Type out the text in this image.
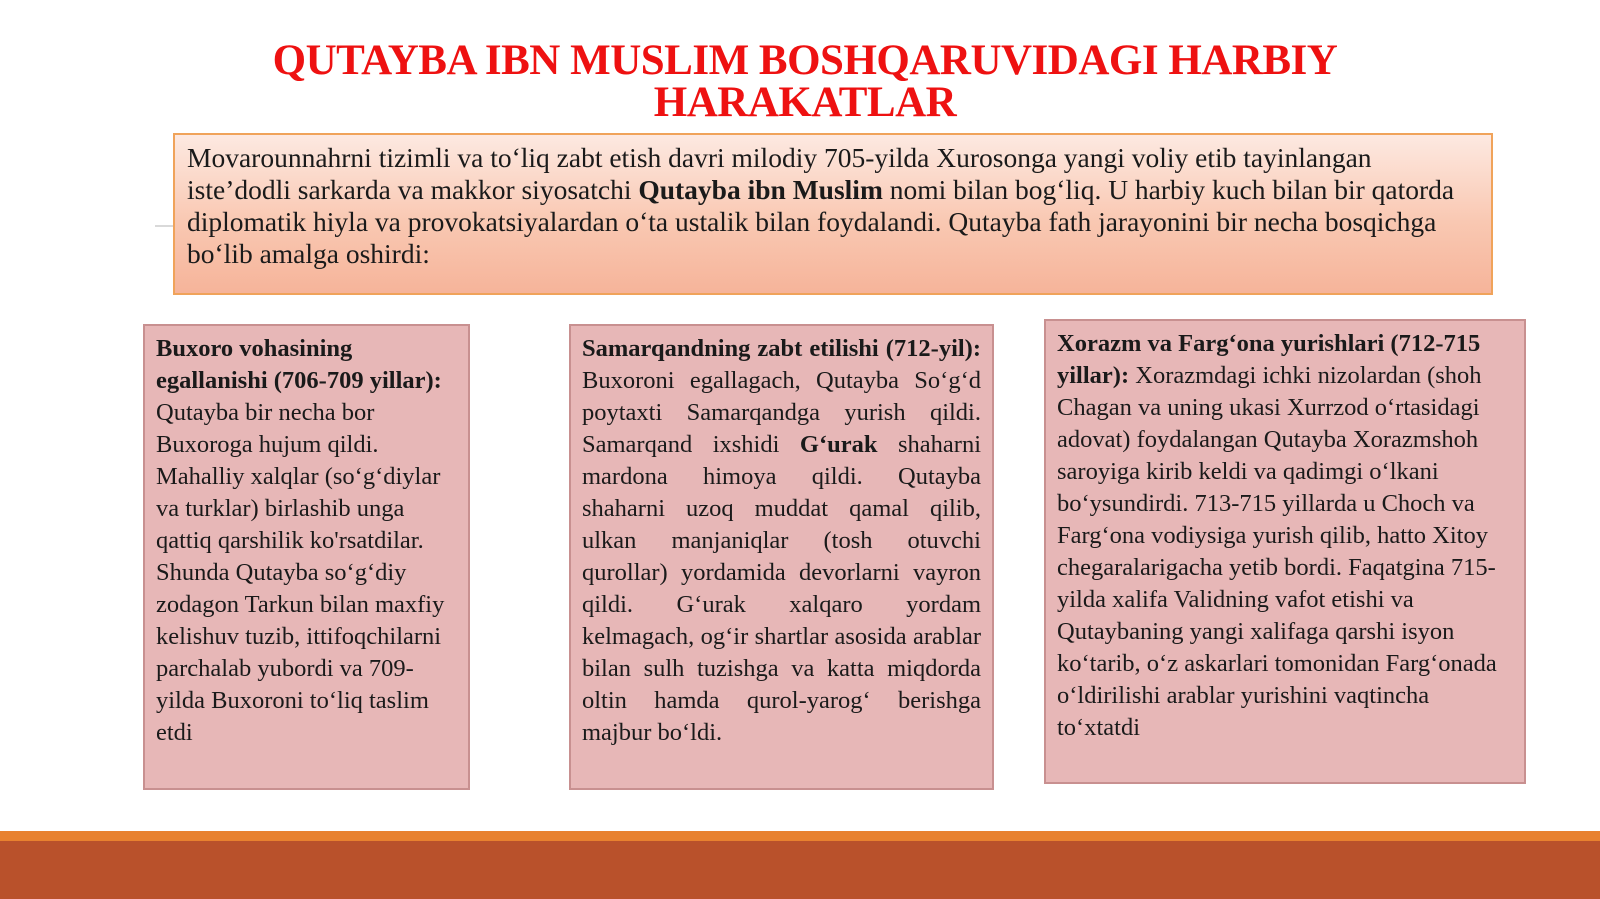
QUTAYBA IBN MUSLIM BOSHQARUVIDAGI HARBIY
HARAKATLAR
Movarounnahrni tizimli va to‘liq zabt etish davri milodiy 705-yilda Xurosonga yangi voliy etib tayinlangan iste’dodli sarkarda va makkor siyosatchi Qutayba ibn Muslim nomi bilan bog‘liq. U harbiy kuch bilan bir qatorda diplomatik hiyla va provokatsiyalardan o‘ta ustalik bilan foydalandi. Qutayba fath jarayonini bir necha bosqichga bo‘lib amalga oshirdi:
Buxoro vohasining egallanishi (706-709 yillar): Qutayba bir necha bor Buxoroga hujum qildi. Mahalliy xalqlar (so‘g‘diylar va turklar) birlashib unga qattiq qarshilik ko'rsatdilar. Shunda Qutayba so‘g‘diy zodagon Tarkun bilan maxfiy kelishuv tuzib, ittifoqchilarni parchalab yubordi va 709-yilda Buxoroni to‘liq taslim etdi
Samarqandning zabt etilishi (712-yil): Buxoroni egallagach, Qutayba So‘g‘d poytaxti Samarqandga yurish qildi. Samarqand ixshidi G‘urak shaharni mardona himoya qildi. Qutayba shaharni uzoq muddat qamal qilib, ulkan manjaniqlar (tosh otuvchi qurollar) yordamida devorlarni vayron qildi. G‘urak xalqaro yordam kelmagach, og‘ir shartlar asosida arablar bilan sulh tuzishga va katta miqdorda oltin hamda qurol-yarog‘ berishga majbur bo‘ldi.
Xorazm va Farg‘ona yurishlari (712-715 yillar): Xorazmdagi ichki nizolardan (shoh Chagan va uning ukasi Xurrzod o‘rtasidagi adovat) foydalangan Qutayba Xorazmshoh saroyiga kirib keldi va qadimgi o‘lkani bo‘ysundirdi. 713-715 yillarda u Choch va Farg‘ona vodiysiga yurish qilib, hatto Xitoy chegaralarigacha yetib bordi. Faqatgina 715-yilda xalifa Validning vafot etishi va Qutaybaning yangi xalifaga qarshi isyon ko‘tarib, o‘z askarlari tomonidan Farg‘onada o‘ldirilishi arablar yurishini vaqtincha to‘xtatdi
